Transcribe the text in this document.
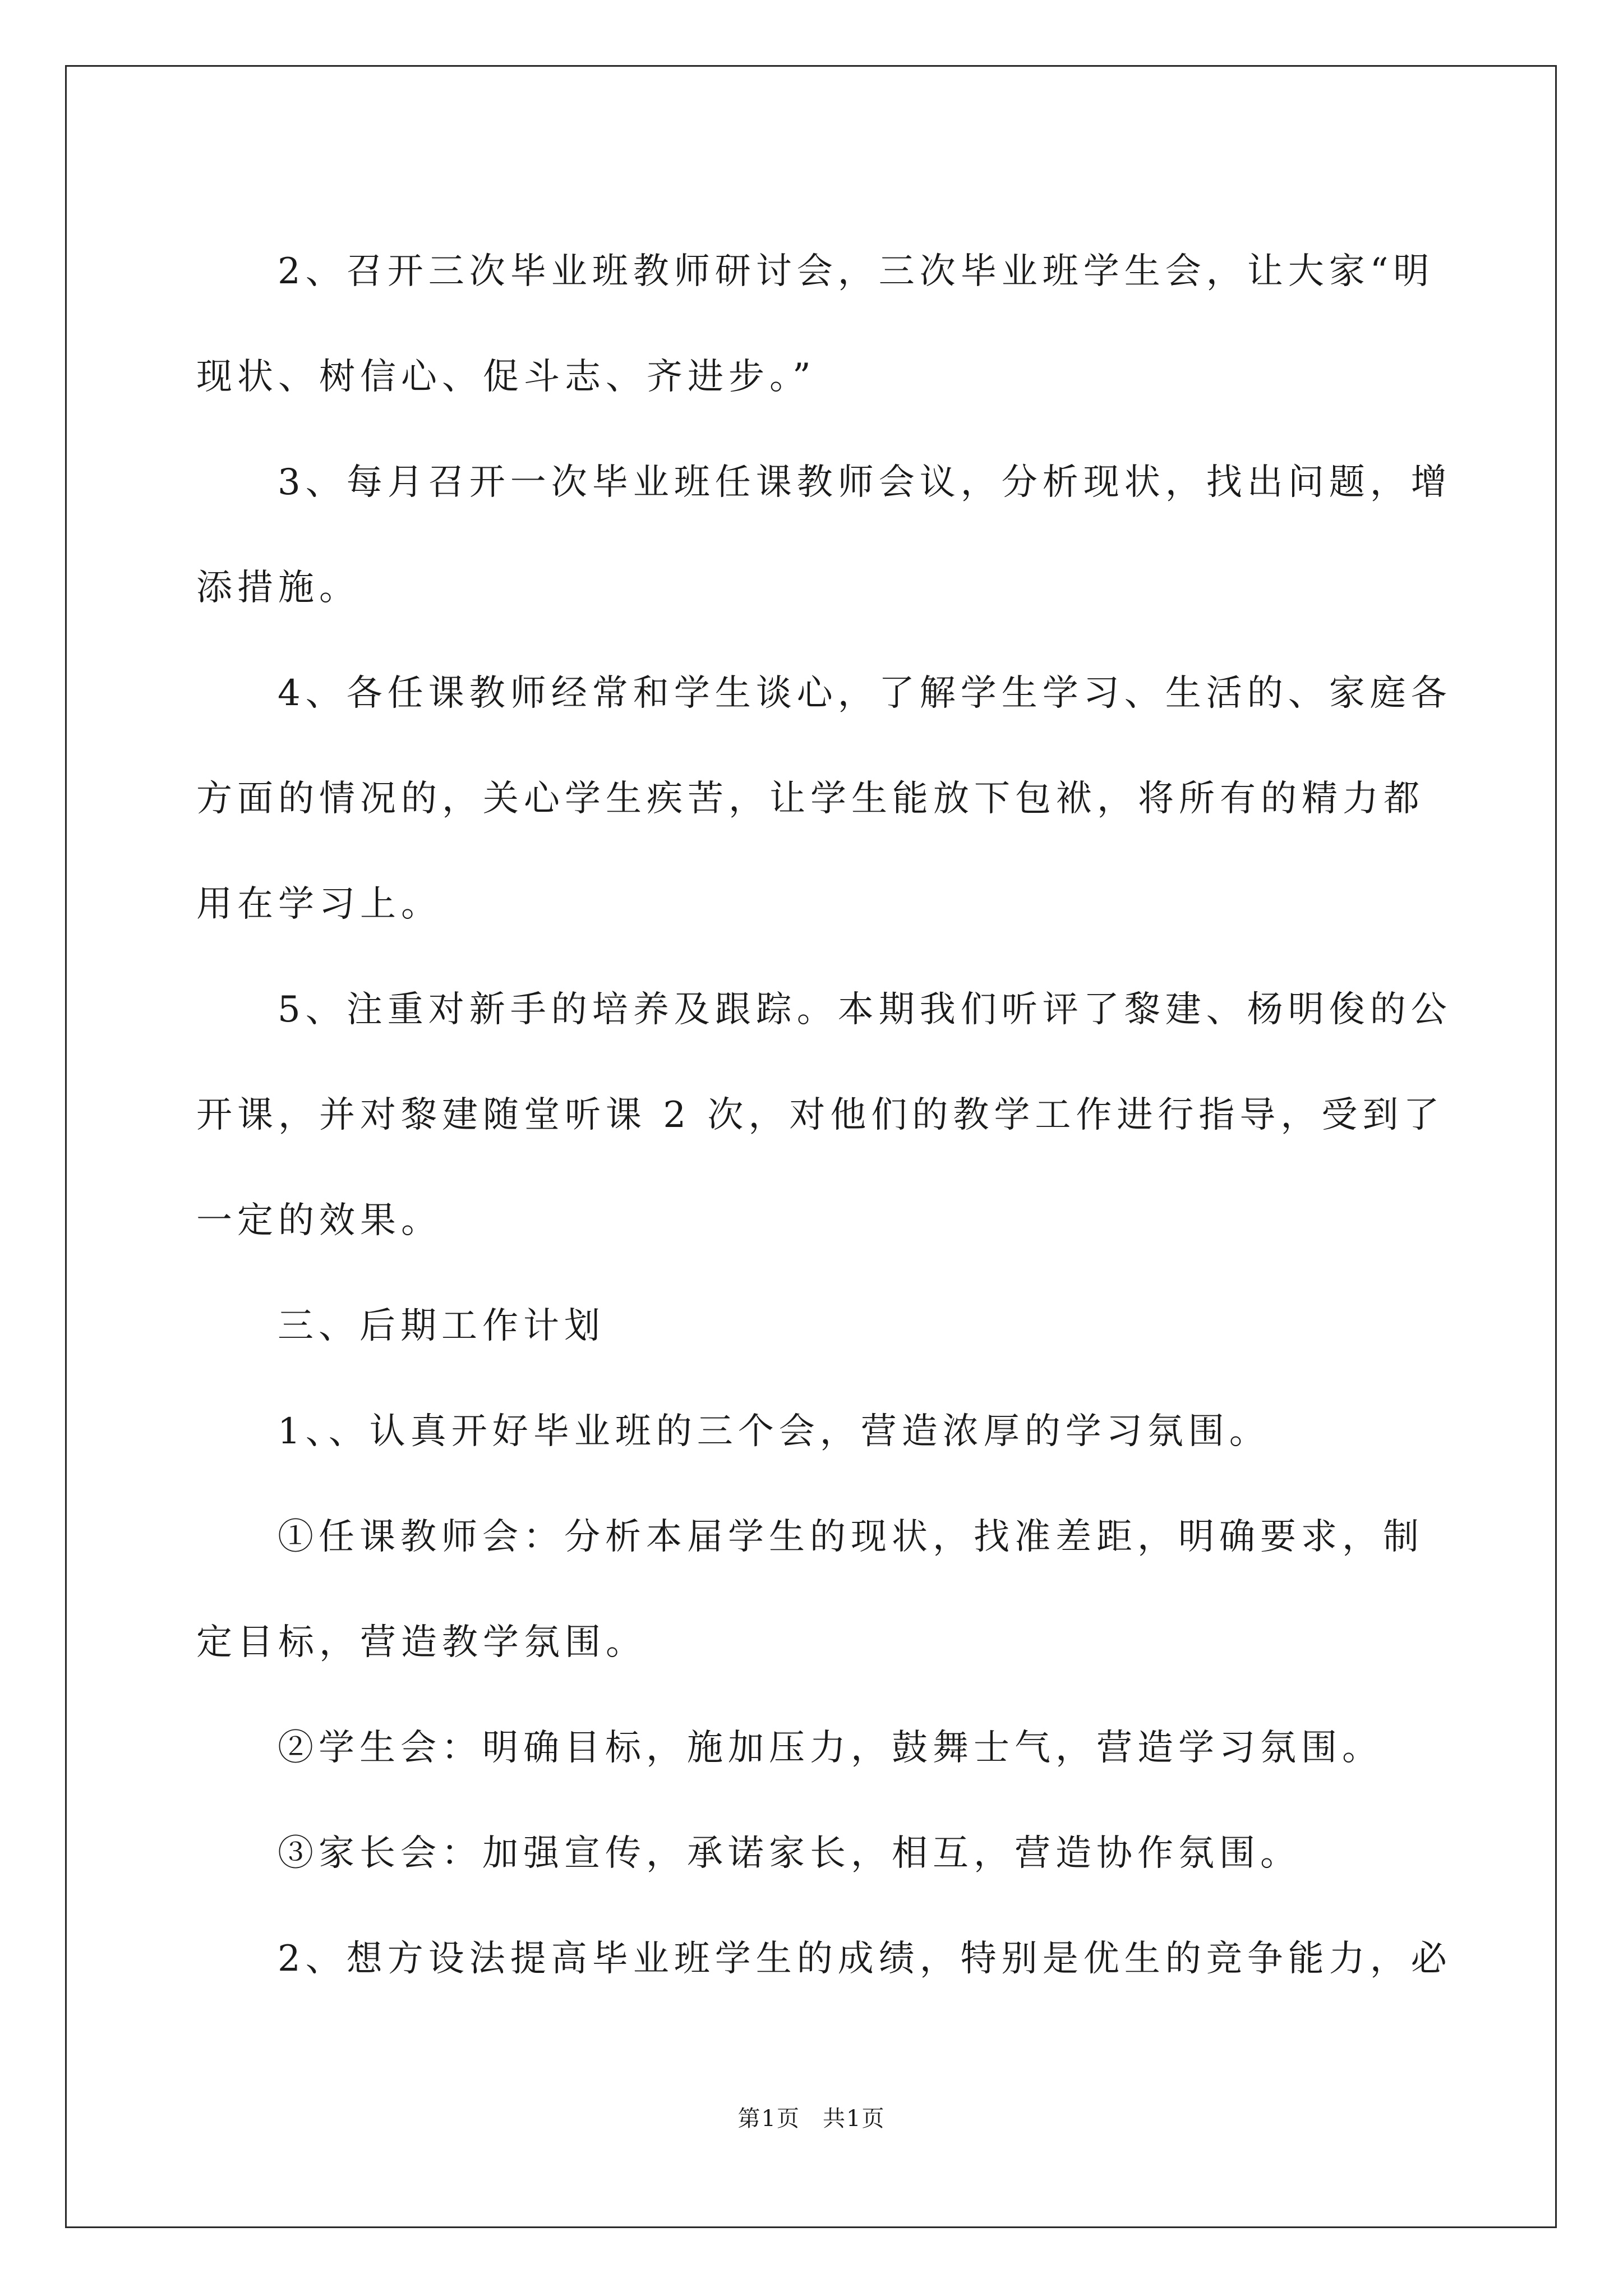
2、召开三次毕业班教师研讨会，三次毕业班学生会，让大家“明

现状、树信心、促斗志、齐进步。”

3、每月召开一次毕业班任课教师会议，分析现状，找出问题，增

添措施。

4、各任课教师经常和学生谈心，了解学生学习、生活的、家庭各

方面的情况的，关心学生疾苦，让学生能放下包袱，将所有的精力都

用在学习上。

5、注重对新手的培养及跟踪。本期我们听评了黎建、杨明俊的公

开课，并对黎建随堂听课 2 次，对他们的教学工作进行指导，受到了

一定的效果。

三、后期工作计划

1、、认真开好毕业班的三个会，营造浓厚的学习氛围。

①任课教师会：分析本届学生的现状，找准差距，明确要求，制

定目标，营造教学氛围。

②学生会：明确目标，施加压力，鼓舞士气，营造学习氛围。

③家长会：加强宣传，承诺家长，相互，营造协作氛围。

2、想方设法提高毕业班学生的成绩，特别是优生的竞争能力，必

第1页 共1页
